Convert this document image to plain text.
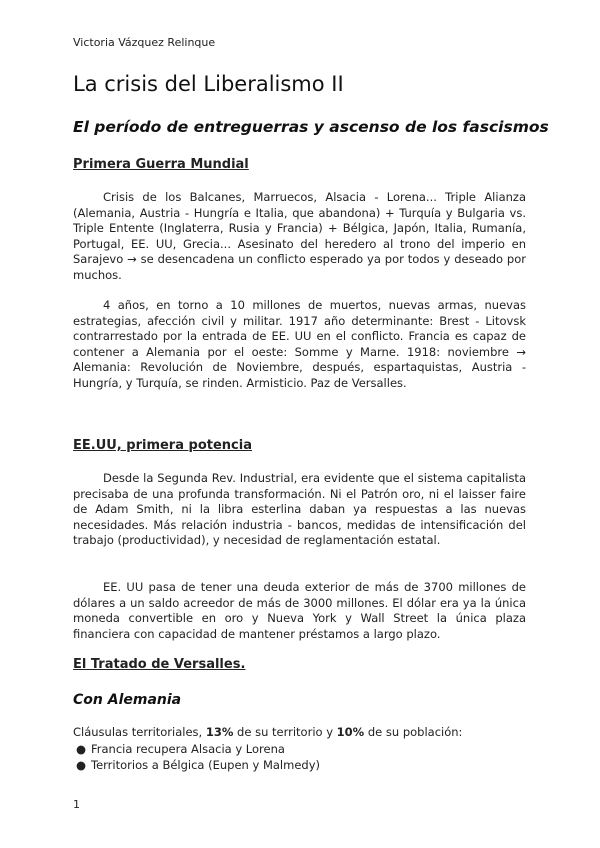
Victoria Vázquez Relinque
La crisis del Liberalismo II
El período de entreguerras y ascenso de los fascismos
Primera Guerra Mundial

Crisis de los Balcanes, Marruecos, Alsacia - Lorena... Triple Alianza (Alemania, Austria - Hungría e Italia, que abandona) + Turquía y Bulgaria vs. Triple Entente (Inglaterra, Rusia y Francia) + Bélgica, Japón, Italia, Rumanía, Portugal, EE. UU, Grecia... Asesinato del heredero al trono del imperio en Sarajevo → se desencadena un conflicto esperado ya por todos y deseado por muchos.

4 años, en torno a 10 millones de muertos, nuevas armas, nuevas estrategias, afección civil y militar. 1917 año determinante: Brest - Litovsk contrarrestado por la entrada de EE. UU en el conflicto. Francia es capaz de contener a Alemania por el oeste: Somme y Marne. 1918: noviembre → Alemania: Revolución de Noviembre, después, espartaquistas, Austria - Hungría, y Turquía, se rinden. Armisticio. Paz de Versalles.

EE.UU, primera potencia

Desde la Segunda Rev. Industrial, era evidente que el sistema capitalista precisaba de una profunda transformación. Ni el Patrón oro, ni el laisser faire de Adam Smith, ni la libra esterlina daban ya respuestas a las nuevas necesidades. Más relación industria - bancos, medidas de intensificación del trabajo (productividad), y necesidad de reglamentación estatal.

EE. UU pasa de tener una deuda exterior de más de 3700 millones de dólares a un saldo acreedor de más de 3000 millones. El dólar era ya la única moneda convertible en oro y Nueva York y Wall Street la única plaza financiera con capacidad de mantener préstamos a largo plazo.

El Tratado de Versalles.
Con Alemania

Cláusulas territoriales, 13% de su territorio y 10% de su población:

● Francia recupera Alsacia y Lorena
● Territorios a Bélgica (Eupen y Malmedy)
1
